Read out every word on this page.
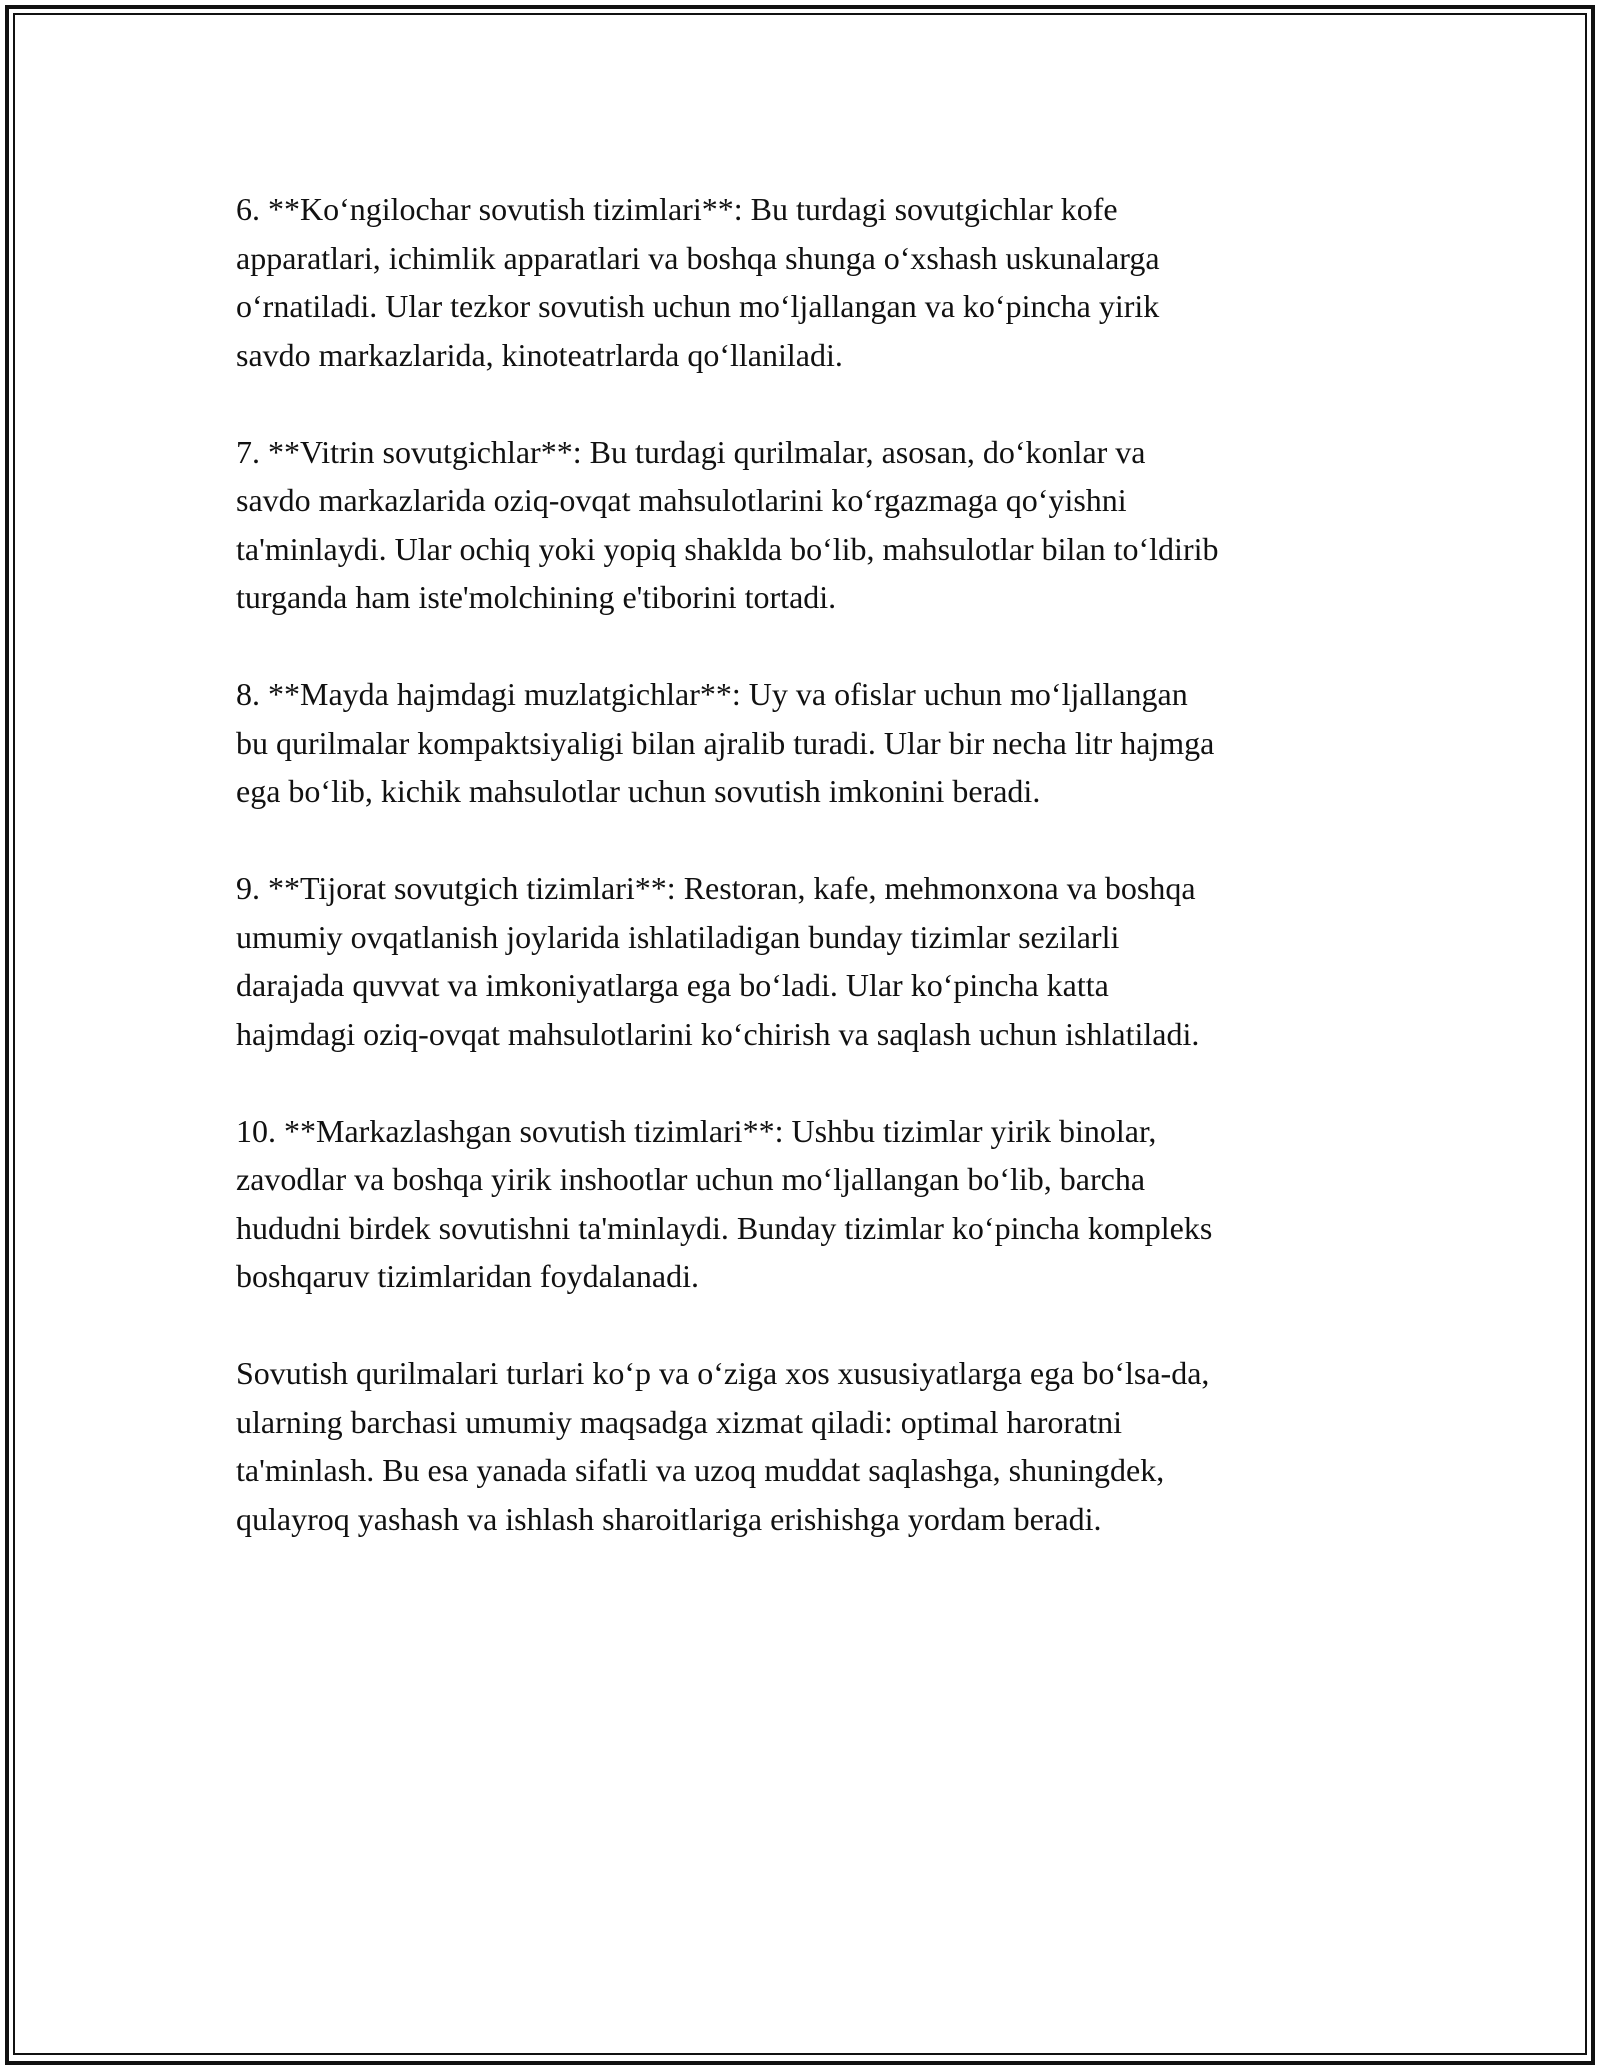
6. **Koʻngilochar sovutish tizimlari**: Bu turdagi sovutgichlar kofe
apparatlari, ichimlik apparatlari va boshqa shunga oʻxshash uskunalarga
oʻrnatiladi. Ular tezkor sovutish uchun moʻljallangan va koʻpincha yirik
savdo markazlarida, kinoteatrlarda qoʻllaniladi.

7. **Vitrin sovutgichlar**: Bu turdagi qurilmalar, asosan, doʻkonlar va
savdo markazlarida oziq-ovqat mahsulotlarini koʻrgazmaga qoʻyishni
ta'minlaydi. Ular ochiq yoki yopiq shaklda boʻlib, mahsulotlar bilan toʻldirib
turganda ham iste'molchining e'tiborini tortadi.

8. **Mayda hajmdagi muzlatgichlar**: Uy va ofislar uchun moʻljallangan
bu qurilmalar kompaktsiyaligi bilan ajralib turadi. Ular bir necha litr hajmga
ega boʻlib, kichik mahsulotlar uchun sovutish imkonini beradi.

9. **Tijorat sovutgich tizimlari**: Restoran, kafe, mehmonxona va boshqa
umumiy ovqatlanish joylarida ishlatiladigan bunday tizimlar sezilarli
darajada quvvat va imkoniyatlarga ega boʻladi. Ular koʻpincha katta
hajmdagi oziq-ovqat mahsulotlarini koʻchirish va saqlash uchun ishlatiladi.

10. **Markazlashgan sovutish tizimlari**: Ushbu tizimlar yirik binolar,
zavodlar va boshqa yirik inshootlar uchun moʻljallangan boʻlib, barcha
hududni birdek sovutishni ta'minlaydi. Bunday tizimlar koʻpincha kompleks
boshqaruv tizimlaridan foydalanadi.

Sovutish qurilmalari turlari koʻp va oʻziga xos xususiyatlarga ega boʻlsa-da,
ularning barchasi umumiy maqsadga xizmat qiladi: optimal haroratni
ta'minlash. Bu esa yanada sifatli va uzoq muddat saqlashga, shuningdek,
qulayroq yashash va ishlash sharoitlariga erishishga yordam beradi.
